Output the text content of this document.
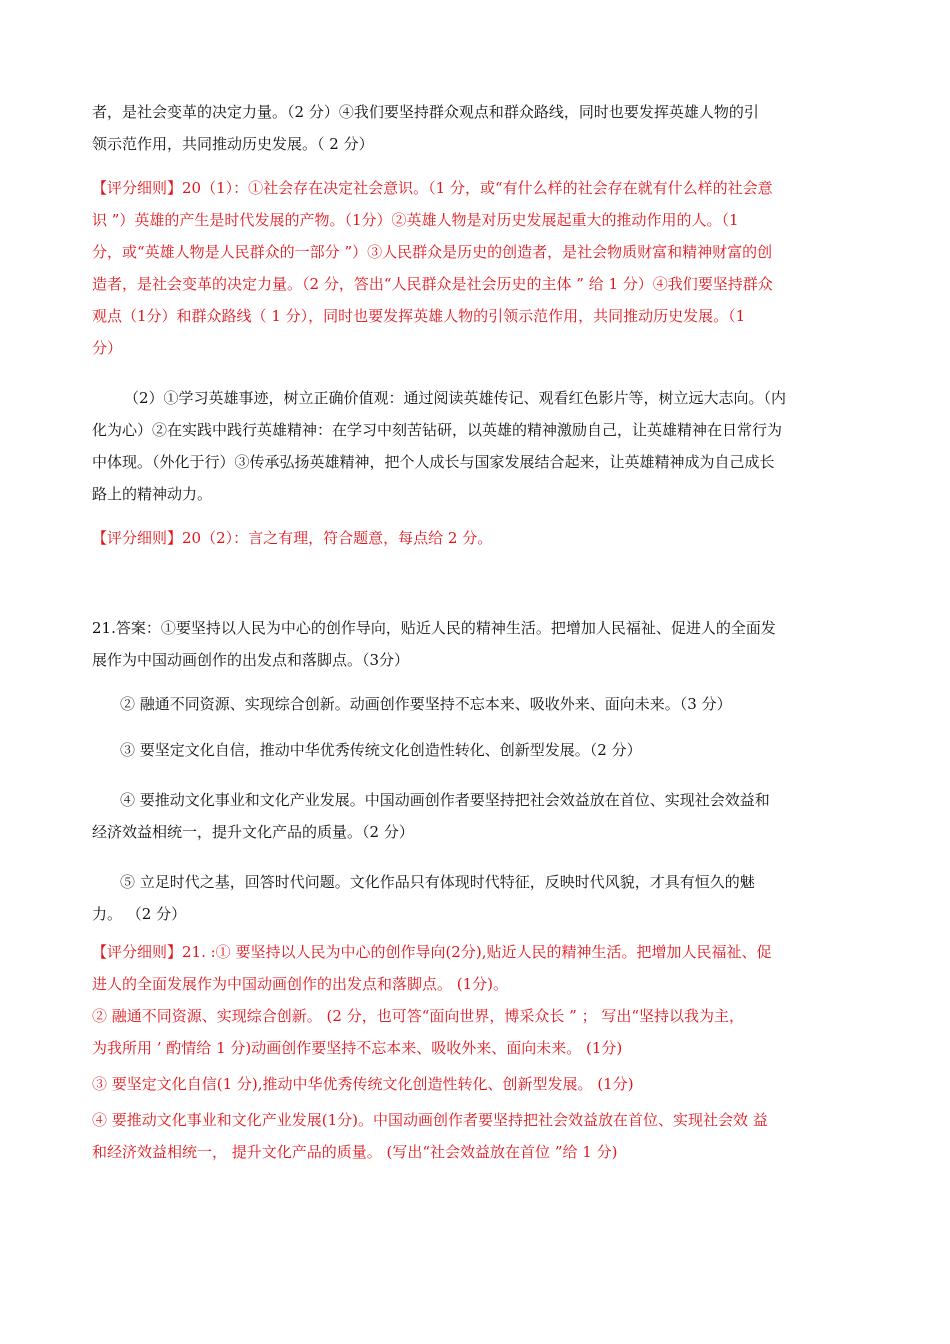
者，是社会变革的决定力量。（2 分）④我们要坚持群众观点和群众路线，同时也要发挥英雄人物的引
领示范作用，共同推动历史发展。（ 2 分）

【评分细则】20（1）：①社会存在决定社会意识。（1 分，或“有什么样的社会存在就有什么样的社会意
识 ”）英雄的产生是时代发展的产物。（1分）②英雄人物是对历史发展起重大的推动作用的人。（1
分，或“英雄人物是人民群众的一部分 ”）③人民群众是历史的创造者，是社会物质财富和精神财富的创
造者，是社会变革的决定力量。（2 分，答出“人民群众是社会历史的主体 ” 给 1 分）④我们要坚持群众
观点（1分）和群众路线（ 1 分），同时也要发挥英雄人物的引领示范作用，共同推动历史发展。（1
分）

（2）①学习英雄事迹，树立正确价值观：通过阅读英雄传记、观看红色影片等，树立远大志向。（内
化为心）②在实践中践行英雄精神：在学习中刻苦钻研，以英雄的精神激励自己，让英雄精神在日常行为
中体现。（外化于行）③传承弘扬英雄精神，把个人成长与国家发展结合起来，让英雄精神成为自己成长
路上的精神动力。

【评分细则】20（2）：言之有理，符合题意，每点给 2 分。

21.答案：①要坚持以人民为中心的创作导向，贴近人民的精神生活。把增加人民福祉、促进人的全面发
展作为中国动画创作的出发点和落脚点。（3分）

② 融通不同资源、实现综合创新。动画创作要坚持不忘本来、吸收外来、面向未来。（3 分）

③ 要坚定文化自信，推动中华优秀传统文化创造性转化、创新型发展。（2 分）

④ 要推动文化事业和文化产业发展。中国动画创作者要坚持把社会效益放在首位、实现社会效益和
经济效益相统一，提升文化产品的质量。（2 分）

⑤ 立足时代之基，回答时代问题。文化作品只有体现时代特征，反映时代风貌，才具有恒久的魅
力。 （2 分）

【评分细则】21. :① 要坚持以人民为中心的创作导向(2分),贴近人民的精神生活。把增加人民福祉、促
进人的全面发展作为中国动画创作的出发点和落脚点。 (1分)。

② 融通不同资源、实现综合创新。 (2 分，也可答“面向世界，博采众长 ” ； 写出“坚持以我为主，
为我所用 ’ 酌情给 1 分)动画创作要坚持不忘本来、吸收外来、面向未来。 (1分)

③ 要坚定文化自信(1 分),推动中华优秀传统文化创造性转化、创新型发展。 (1分)

④ 要推动文化事业和文化产业发展(1分)。中国动画创作者要坚持把社会效益放在首位、实现社会效 益
和经济效益相统一， 提升文化产品的质量。 (写出“社会效益放在首位 ”给 1 分)
